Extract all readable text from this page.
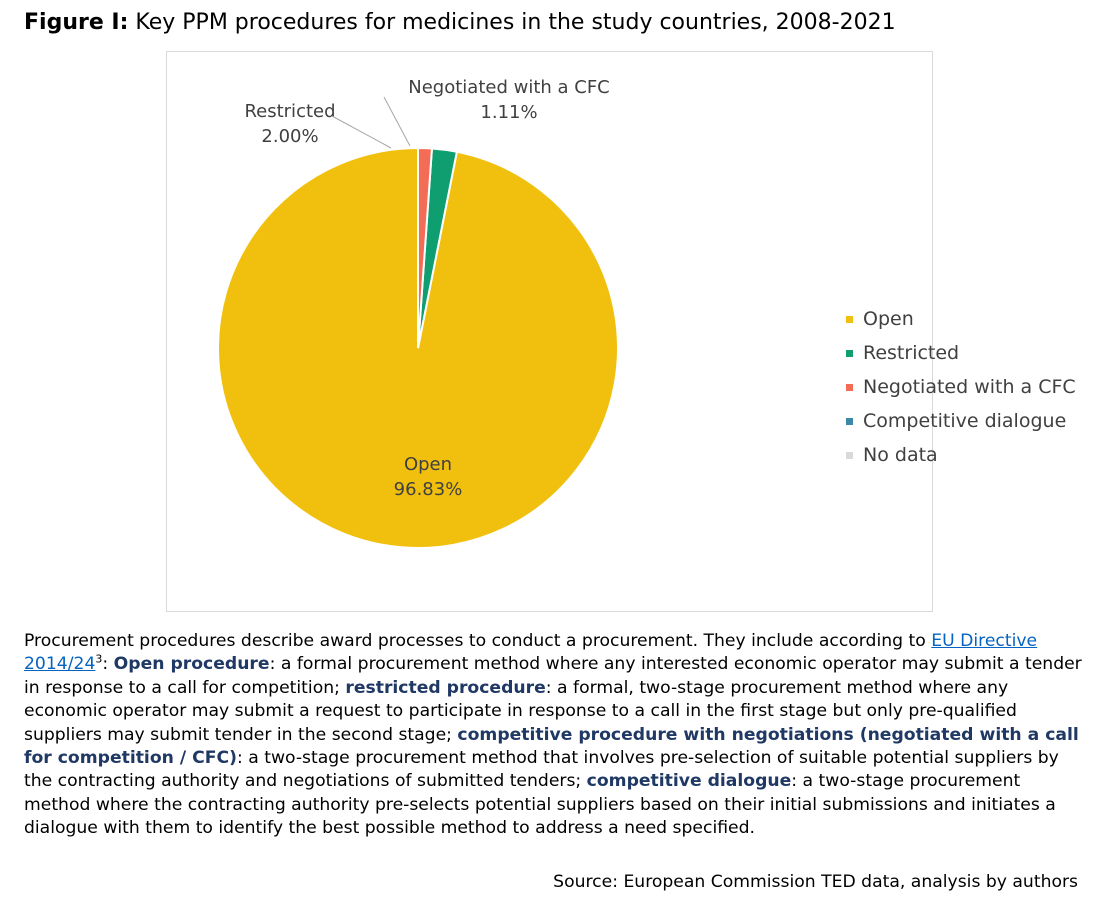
Figure I: Key PPM procedures for medicines in the study countries, 2008-2021
Open
96.83%
Restricted
2.00%
Negotiated with a CFC
1.11%
Open
Restricted
Negotiated with a CFC
Competitive dialogue
No data
Procurement procedures describe award processes to conduct a procurement. They include according to EU Directive $2014/24^3$: Open procedure: a formal procurement method where any interested economic operator may submit a tender in response to a call for competition; restricted procedure: a formal, two-stage procurement method where any economic operator may submit a request to participate in response to a call in the first stage but only pre-qualified suppliers may submit tender in the second stage; competitive procedure with negotiations (negotiated with a call for competition / CFC): a two-stage procurement method that involves pre-selection of suitable potential suppliers by the contracting authority and negotiations of submitted tenders; competitive dialogue: a two-stage procurement method where the contracting authority pre-selects potential suppliers based on their initial submissions and initiates a dialogue with them to identify the best possible method to address a need specified.
Source: European Commission TED data, analysis by authors
